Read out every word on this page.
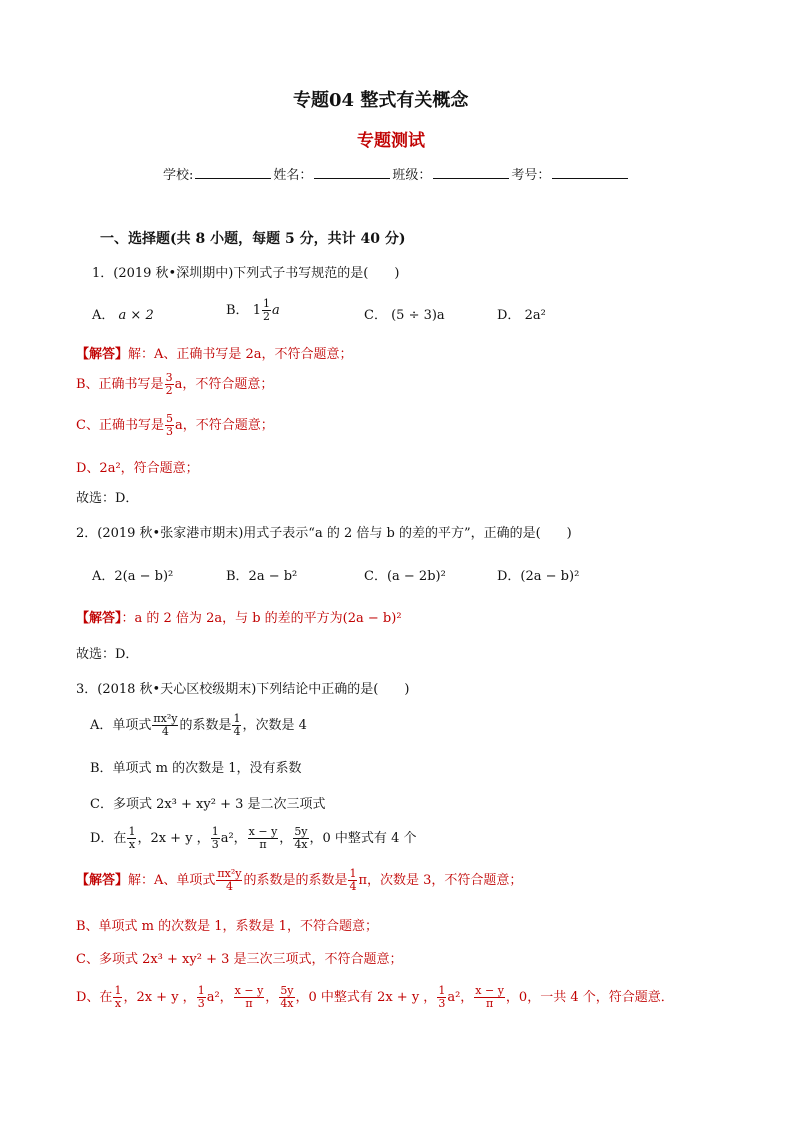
专题04 整式有关概念
专题测试
学校:	姓名：	班级：	考号：
一、选择题(共 8 小题，每题 5 分，共计 40 分)
1．(2019 秋•深圳期中)下列式子书写规范的是(　　)
A． a × 2	B． $1 \frac{1}{2}$ a	C． (5 ÷ 3)a	D． 2a²
【解答】解：A、正确书写是 2a，不符合题意；
B、正确书写是 $\frac{3}{2}$ a，不符合题意；
C、正确书写是 $\frac{5}{3}$ a，不符合题意；
D、2a²，符合题意；
故选：D．
2．(2019 秋•张家港市期末)用式子表示“a 的 2 倍与 b 的差的平方”，正确的是(　　)
A．2(a − b)²	B．2a − b²	C．(a − 2b)²	D．(2a − b)²
【解答】：a 的 2 倍为 2a，与 b 的差的平方为(2a − b)²
故选：D．
3．(2018 秋•天心区校级期末)下列结论中正确的是(　　)
A．单项式 $\frac{\text{πx²y}}{4}$ 的系数是 $\frac{1}{4}$ ，次数是 4
B．单项式 m 的次数是 1，没有系数
C．多项式 2x³ + xy² + 3 是二次三项式
D．在 $\frac{1}{x}$ ，2x + y ， $\frac{1}{3} a^2$， $\frac{x - y}{\pi}$ ， $\frac{5y}{4x}$ ，0 中整式有 4 个
【解答】解：A、单项式 $\frac{\text{πx²y}}{4}$ 的系数是的系数是 $\frac{1}{4}$ π，次数是 3，不符合题意；
B、单项式 m 的次数是 1，系数是 1，不符合题意；
C、多项式 2x³ + xy² + 3 是三次三项式，不符合题意；
D、在 $\frac{1}{x}$ ，2x + y ， $\frac{1}{3} a^2$， $\frac{x - y}{\pi}$ ， $\frac{5y}{4x}$ ，0 中整式有 2x + y ， $\frac{1}{3} a^2$， $\frac{x - y}{\pi}$ ，0，一共 4 个，符合题意．
